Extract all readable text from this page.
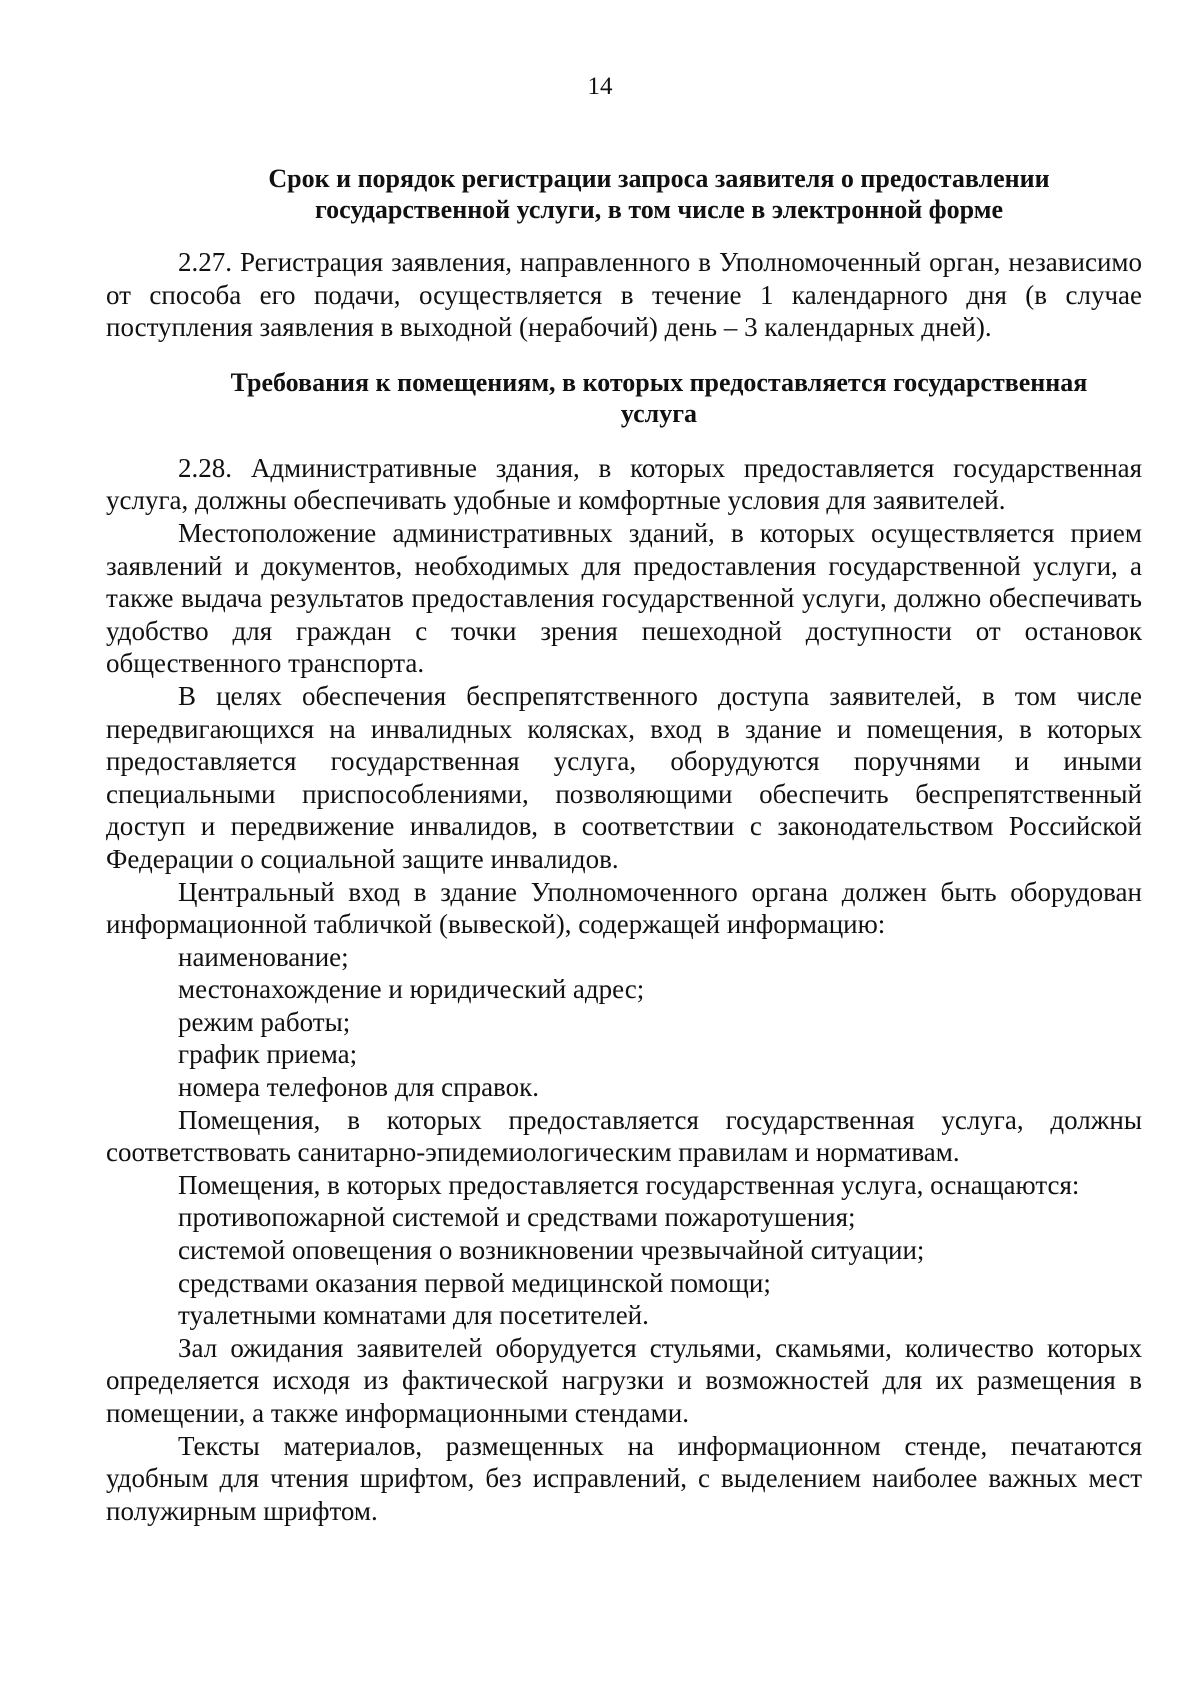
14
Срок и порядок регистрации запроса заявителя о предоставлении
государственной услуги, в том числе в электронной форме

2.27. Регистрация заявления, направленного в Уполномоченный орган, независимо от способа его подачи, осуществляется в течение 1 календарного дня (в случае поступления заявления в выходной (нерабочий) день – 3 календарных дней).

Требования к помещениям, в которых предоставляется государственная
услуга

2.28. Административные здания, в которых предоставляется государственная услуга, должны обеспечивать удобные и комфортные условия для заявителей.

Местоположение административных зданий, в которых осуществляется прием заявлений и документов, необходимых для предоставления государственной услуги, а также выдача результатов предоставления государственной услуги, должно обеспечивать удобство для граждан с точки зрения пешеходной доступности от остановок общественного транспорта.

В целях обеспечения беспрепятственного доступа заявителей, в том числе передвигающихся на инвалидных колясках, вход в здание и помещения, в которых предоставляется государственная услуга, оборудуются поручнями и иными специальными приспособлениями, позволяющими обеспечить беспрепятственный доступ и передвижение инвалидов, в соответствии с законодательством Российской Федерации о социальной защите инвалидов.

Центральный вход в здание Уполномоченного органа должен быть оборудован информационной табличкой (вывеской), содержащей информацию:

наименование;

местонахождение и юридический адрес;

режим работы;

график приема;

номера телефонов для справок.

Помещения, в которых предоставляется государственная услуга, должны соответствовать санитарно-эпидемиологическим правилам и нормативам.

Помещения, в которых предоставляется государственная услуга, оснащаются:

противопожарной системой и средствами пожаротушения;

системой оповещения о возникновении чрезвычайной ситуации;

средствами оказания первой медицинской помощи;

туалетными комнатами для посетителей.

Зал ожидания заявителей оборудуется стульями, скамьями, количество которых определяется исходя из фактической нагрузки и возможностей для их размещения в помещении, а также информационными стендами.

Тексты материалов, размещенных на информационном стенде, печатаются удобным для чтения шрифтом, без исправлений, с выделением наиболее важных мест полужирным шрифтом.
